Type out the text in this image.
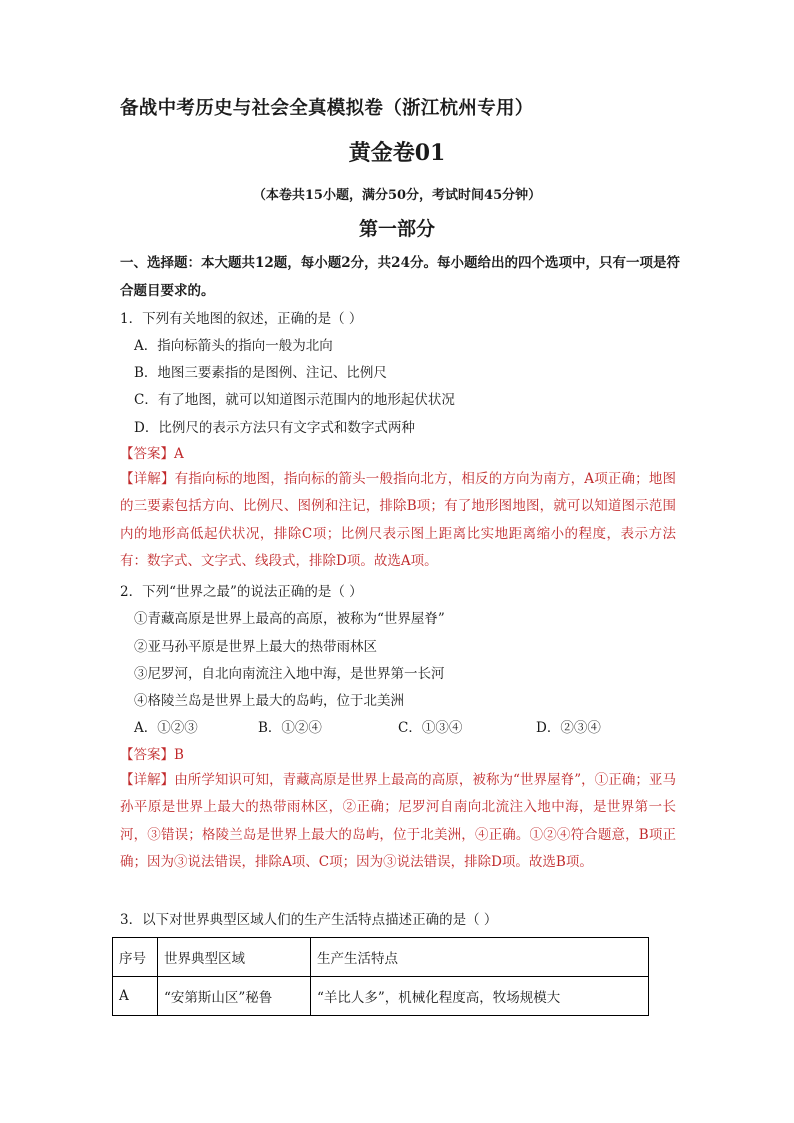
备战中考历史与社会全真模拟卷（浙江杭州专用）
黄金卷01
（本卷共15小题，满分50分，考试时间45分钟）
第一部分
一、选择题：本大题共12题，每小题2分，共24分。每小题给出的四个选项中，只有一项是符合题目要求的。
1．下列有关地图的叙述，正确的是（ ）
A．指向标箭头的指向一般为北向
B．地图三要素指的是图例、注记、比例尺
C．有了地图，就可以知道图示范围内的地形起伏状况
D．比例尺的表示方法只有文字式和数字式两种
【答案】A
【详解】有指向标的地图，指向标的箭头一般指向北方，相反的方向为南方，A项正确；地图的三要素包括方向、比例尺、图例和注记，排除B项；有了地形图地图，就可以知道图示范围内的地形高低起伏状况，排除C项；比例尺表示图上距离比实地距离缩小的程度，表示方法有：数字式、文字式、线段式，排除D项。故选A项。
2．下列“世界之最”的说法正确的是（ ）
①青藏高原是世界上最高的高原，被称为“世界屋脊”
②亚马孙平原是世界上最大的热带雨林区
③尼罗河，自北向南流注入地中海，是世界第一长河
④格陵兰岛是世界上最大的岛屿，位于北美洲
A．①②③	B．①②④	C．①③④	D．②③④
【答案】B
【详解】由所学知识可知，青藏高原是世界上最高的高原，被称为“世界屋脊”，①正确；亚马孙平原是世界上最大的热带雨林区，②正确；尼罗河自南向北流注入地中海，是世界第一长河，③错误；格陵兰岛是世界上最大的岛屿，位于北美洲，④正确。①②④符合题意，B项正确；因为③说法错误，排除A项、C项；因为③说法错误，排除D项。故选B项。
3．以下对世界典型区域人们的生产生活特点描述正确的是（ ）
序号	世界典型区域	生产生活特点
A	“安第斯山区”秘鲁	“羊比人多”，机械化程度高，牧场规模大
